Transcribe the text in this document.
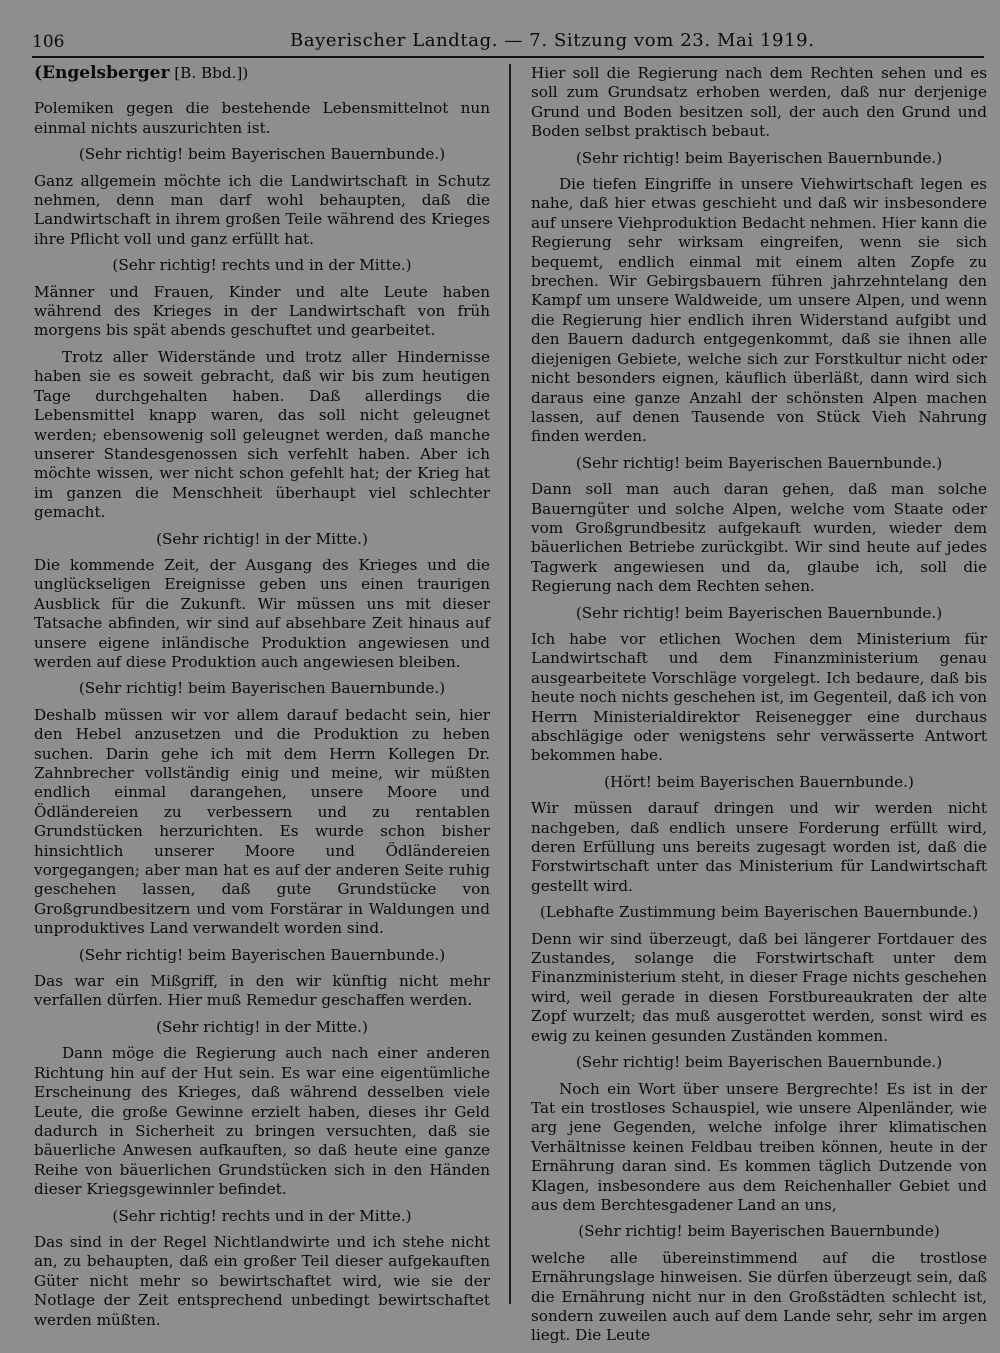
106	Bayerischer Landtag. — 7. Sitzung vom 23. Mai 1919.

(Engelsberger [B. Bbd.])

Polemiken gegen die bestehende Lebensmittelnot nun einmal nichts auszurichten ist.

(Sehr richtig! beim Bayerischen Bauernbunde.)

Ganz allgemein möchte ich die Landwirtschaft in Schutz nehmen, denn man darf wohl behaupten, daß die Landwirtschaft in ihrem großen Teile während des Krieges ihre Pflicht voll und ganz erfüllt hat.

(Sehr richtig! rechts und in der Mitte.)

Männer und Frauen, Kinder und alte Leute haben während des Krieges in der Landwirtschaft von früh morgens bis spät abends geschuftet und gearbeitet.

Trotz aller Widerstände und trotz aller Hindernisse haben sie es soweit gebracht, daß wir bis zum heutigen Tage durchgehalten haben. Daß allerdings die Lebensmittel knapp waren, das soll nicht geleugnet werden; ebensowenig soll geleugnet werden, daß manche unserer Standesgenossen sich verfehlt haben. Aber ich möchte wissen, wer nicht schon gefehlt hat; der Krieg hat im ganzen die Menschheit überhaupt viel schlechter gemacht.

(Sehr richtig! in der Mitte.)

Die kommende Zeit, der Ausgang des Krieges und die unglückseligen Ereignisse geben uns einen traurigen Ausblick für die Zukunft. Wir müssen uns mit dieser Tatsache abfinden, wir sind auf absehbare Zeit hinaus auf unsere eigene inländische Produktion angewiesen und werden auf diese Produktion auch angewiesen bleiben.

(Sehr richtig! beim Bayerischen Bauernbunde.)

Deshalb müssen wir vor allem darauf bedacht sein, hier den Hebel anzusetzen und die Produktion zu heben suchen. Darin gehe ich mit dem Herrn Kollegen Dr. Zahnbrecher vollständig einig und meine, wir müßten endlich einmal darangehen, unsere Moore und Ödländereien zu verbessern und zu rentablen Grundstücken herzurichten. Es wurde schon bisher hinsichtlich unserer Moore und Ödländereien vorgegangen; aber man hat es auf der anderen Seite ruhig geschehen lassen, daß gute Grundstücke von Großgrundbesitzern und vom Forstärar in Waldungen und unproduktives Land verwandelt worden sind.

(Sehr richtig! beim Bayerischen Bauernbunde.)

Das war ein Mißgriff, in den wir künftig nicht mehr verfallen dürfen. Hier muß Remedur geschaffen werden.

(Sehr richtig! in der Mitte.)

Dann möge die Regierung auch nach einer anderen Richtung hin auf der Hut sein. Es war eine eigentümliche Erscheinung des Krieges, daß während desselben viele Leute, die große Gewinne erzielt haben, dieses ihr Geld dadurch in Sicherheit zu bringen versuchten, daß sie bäuerliche Anwesen aufkauften, so daß heute eine ganze Reihe von bäuerlichen Grundstücken sich in den Händen dieser Kriegsgewinnler befindet.

(Sehr richtig! rechts und in der Mitte.)

Das sind in der Regel Nichtlandwirte und ich stehe nicht an, zu behaupten, daß ein großer Teil dieser aufgekauften Güter nicht mehr so bewirtschaftet wird, wie sie der Notlage der Zeit entsprechend unbedingt bewirtschaftet werden müßten.

Hier soll die Regierung nach dem Rechten sehen und es soll zum Grundsatz erhoben werden, daß nur derjenige Grund und Boden besitzen soll, der auch den Grund und Boden selbst praktisch bebaut.

(Sehr richtig! beim Bayerischen Bauernbunde.)

Die tiefen Eingriffe in unsere Viehwirtschaft legen es nahe, daß hier etwas geschieht und daß wir insbesondere auf unsere Viehproduktion Bedacht nehmen. Hier kann die Regierung sehr wirksam eingreifen, wenn sie sich bequemt, endlich einmal mit einem alten Zopfe zu brechen. Wir Gebirgsbauern führen jahrzehntelang den Kampf um unsere Waldweide, um unsere Alpen, und wenn die Regierung hier endlich ihren Widerstand aufgibt und den Bauern dadurch entgegenkommt, daß sie ihnen alle diejenigen Gebiete, welche sich zur Forstkultur nicht oder nicht besonders eignen, käuflich überläßt, dann wird sich daraus eine ganze Anzahl der schönsten Alpen machen lassen, auf denen Tausende von Stück Vieh Nahrung finden werden.

(Sehr richtig! beim Bayerischen Bauernbunde.)

Dann soll man auch daran gehen, daß man solche Bauerngüter und solche Alpen, welche vom Staate oder vom Großgrundbesitz aufgekauft wurden, wieder dem bäuerlichen Betriebe zurückgibt. Wir sind heute auf jedes Tagwerk angewiesen und da, glaube ich, soll die Regierung nach dem Rechten sehen.

(Sehr richtig! beim Bayerischen Bauernbunde.)

Ich habe vor etlichen Wochen dem Ministerium für Landwirtschaft und dem Finanzministerium genau ausgearbeitete Vorschläge vorgelegt. Ich bedaure, daß bis heute noch nichts geschehen ist, im Gegenteil, daß ich von Herrn Ministerialdirektor Reisenegger eine durchaus abschlägige oder wenigstens sehr verwässerte Antwort bekommen habe.

(Hört! beim Bayerischen Bauernbunde.)

Wir müssen darauf dringen und wir werden nicht nachgeben, daß endlich unsere Forderung erfüllt wird, deren Erfüllung uns bereits zugesagt worden ist, daß die Forstwirtschaft unter das Ministerium für Landwirtschaft gestellt wird.

(Lebhafte Zustimmung beim Bayerischen Bauernbunde.)

Denn wir sind überzeugt, daß bei längerer Fortdauer des Zustandes, solange die Forstwirtschaft unter dem Finanzministerium steht, in dieser Frage nichts geschehen wird, weil gerade in diesen Forstbureaukraten der alte Zopf wurzelt; das muß ausgerottet werden, sonst wird es ewig zu keinen gesunden Zuständen kommen.

(Sehr richtig! beim Bayerischen Bauernbunde.)

Noch ein Wort über unsere Bergrechte! Es ist in der Tat ein trostloses Schauspiel, wie unsere Alpenländer, wie arg jene Gegenden, welche infolge ihrer klimatischen Verhältnisse keinen Feldbau treiben können, heute in der Ernährung daran sind. Es kommen täglich Dutzende von Klagen, insbesondere aus dem Reichenhaller Gebiet und aus dem Berchtesgadener Land an uns,

(Sehr richtig! beim Bayerischen Bauernbunde)

welche alle übereinstimmend auf die trostlose Ernährungslage hinweisen. Sie dürfen überzeugt sein, daß die Ernährung nicht nur in den Großstädten schlecht ist, sondern zuweilen auch auf dem Lande sehr, sehr im argen liegt. Die Leute
